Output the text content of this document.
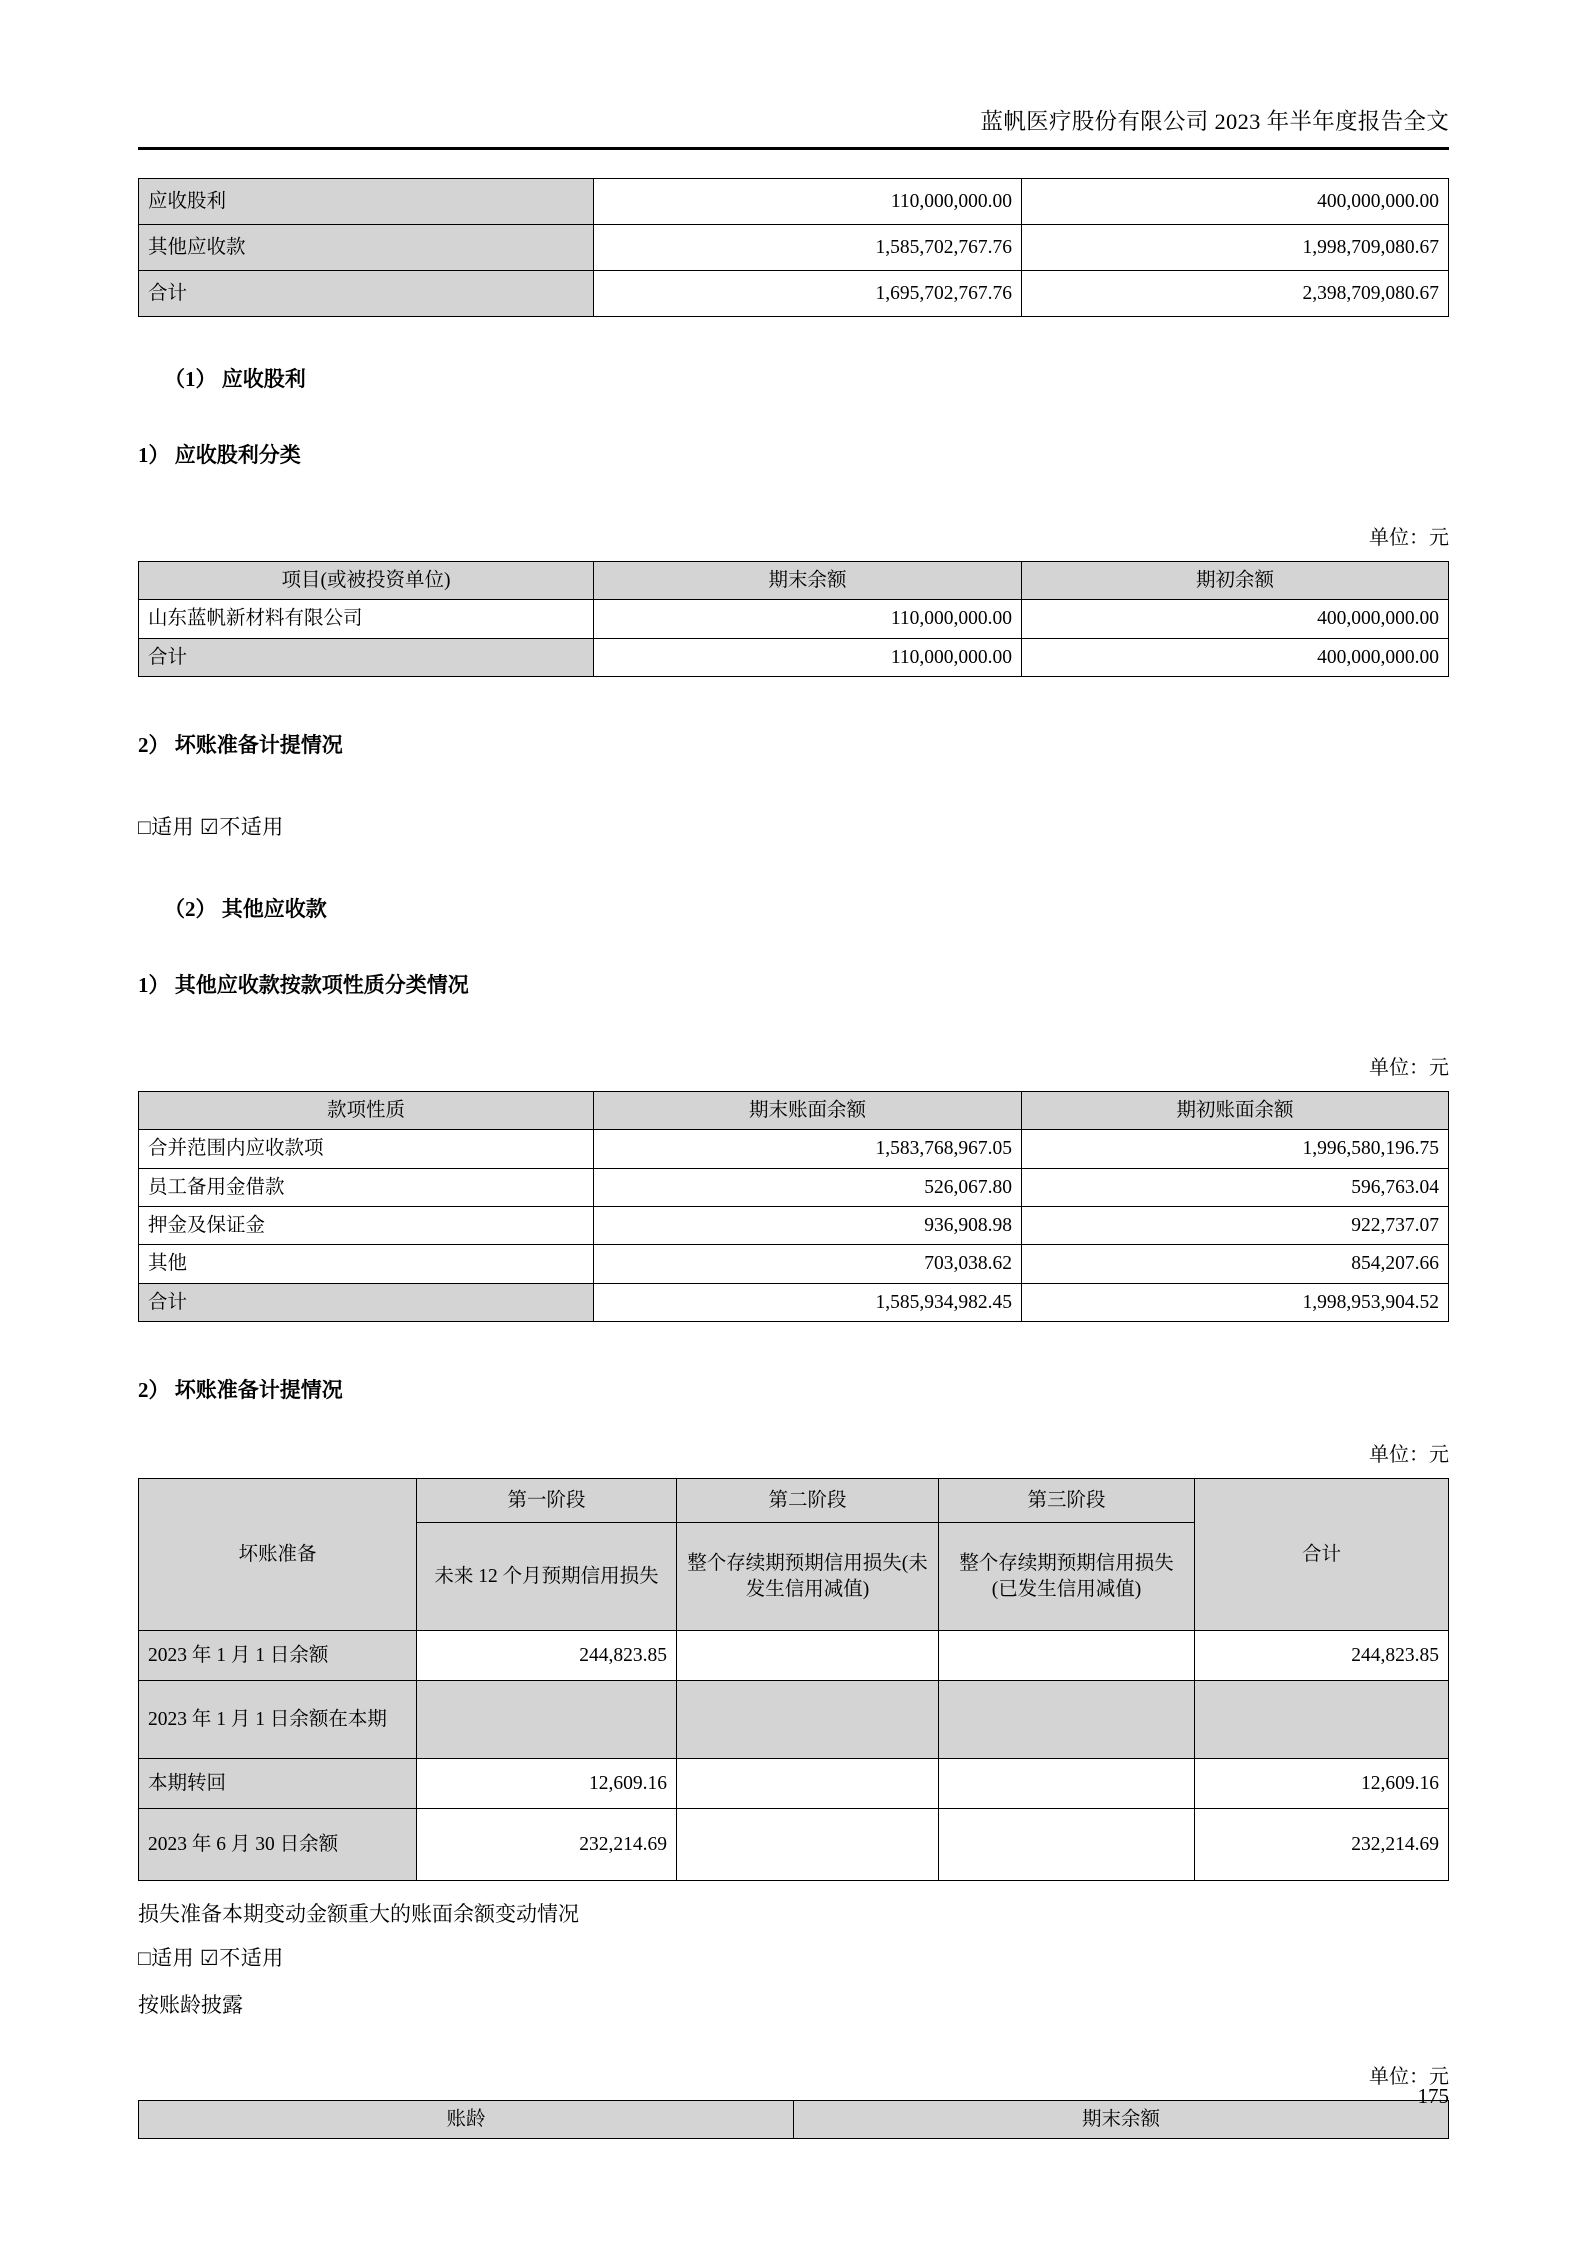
蓝帆医疗股份有限公司 2023 年半年度报告全文
应收股利	110,000,000.00	400,000,000.00
其他应收款	1,585,702,767.76	1,998,709,080.67
合计	1,695,702,767.76	2,398,709,080.67
（1） 应收股利
1） 应收股利分类
单位：元
项目(或被投资单位)	期末余额	期初余额
山东蓝帆新材料有限公司	110,000,000.00	400,000,000.00
合计	110,000,000.00	400,000,000.00
2） 坏账准备计提情况
□适用 ☑不适用
（2） 其他应收款
1） 其他应收款按款项性质分类情况
单位：元
款项性质	期末账面余额	期初账面余额
合并范围内应收款项	1,583,768,967.05	1,996,580,196.75
员工备用金借款	526,067.80	596,763.04
押金及保证金	936,908.98	922,737.07
其他	703,038.62	854,207.66
合计	1,585,934,982.45	1,998,953,904.52
2） 坏账准备计提情况
单位：元
坏账准备	第一阶段	第二阶段	第三阶段	合计
	未来 12 个月预期信用损失	整个存续期预期信用损失(未发生信用减值)	整个存续期预期信用损失(已发生信用减值)	
2023 年 1 月 1 日余额	244,823.85			244,823.85
2023 年 1 月 1 日余额在本期				
本期转回	12,609.16			12,609.16
2023 年 6 月 30 日余额	232,214.69			232,214.69
损失准备本期变动金额重大的账面余额变动情况
□适用 ☑不适用
按账龄披露
单位：元
账龄	期末余额
175
